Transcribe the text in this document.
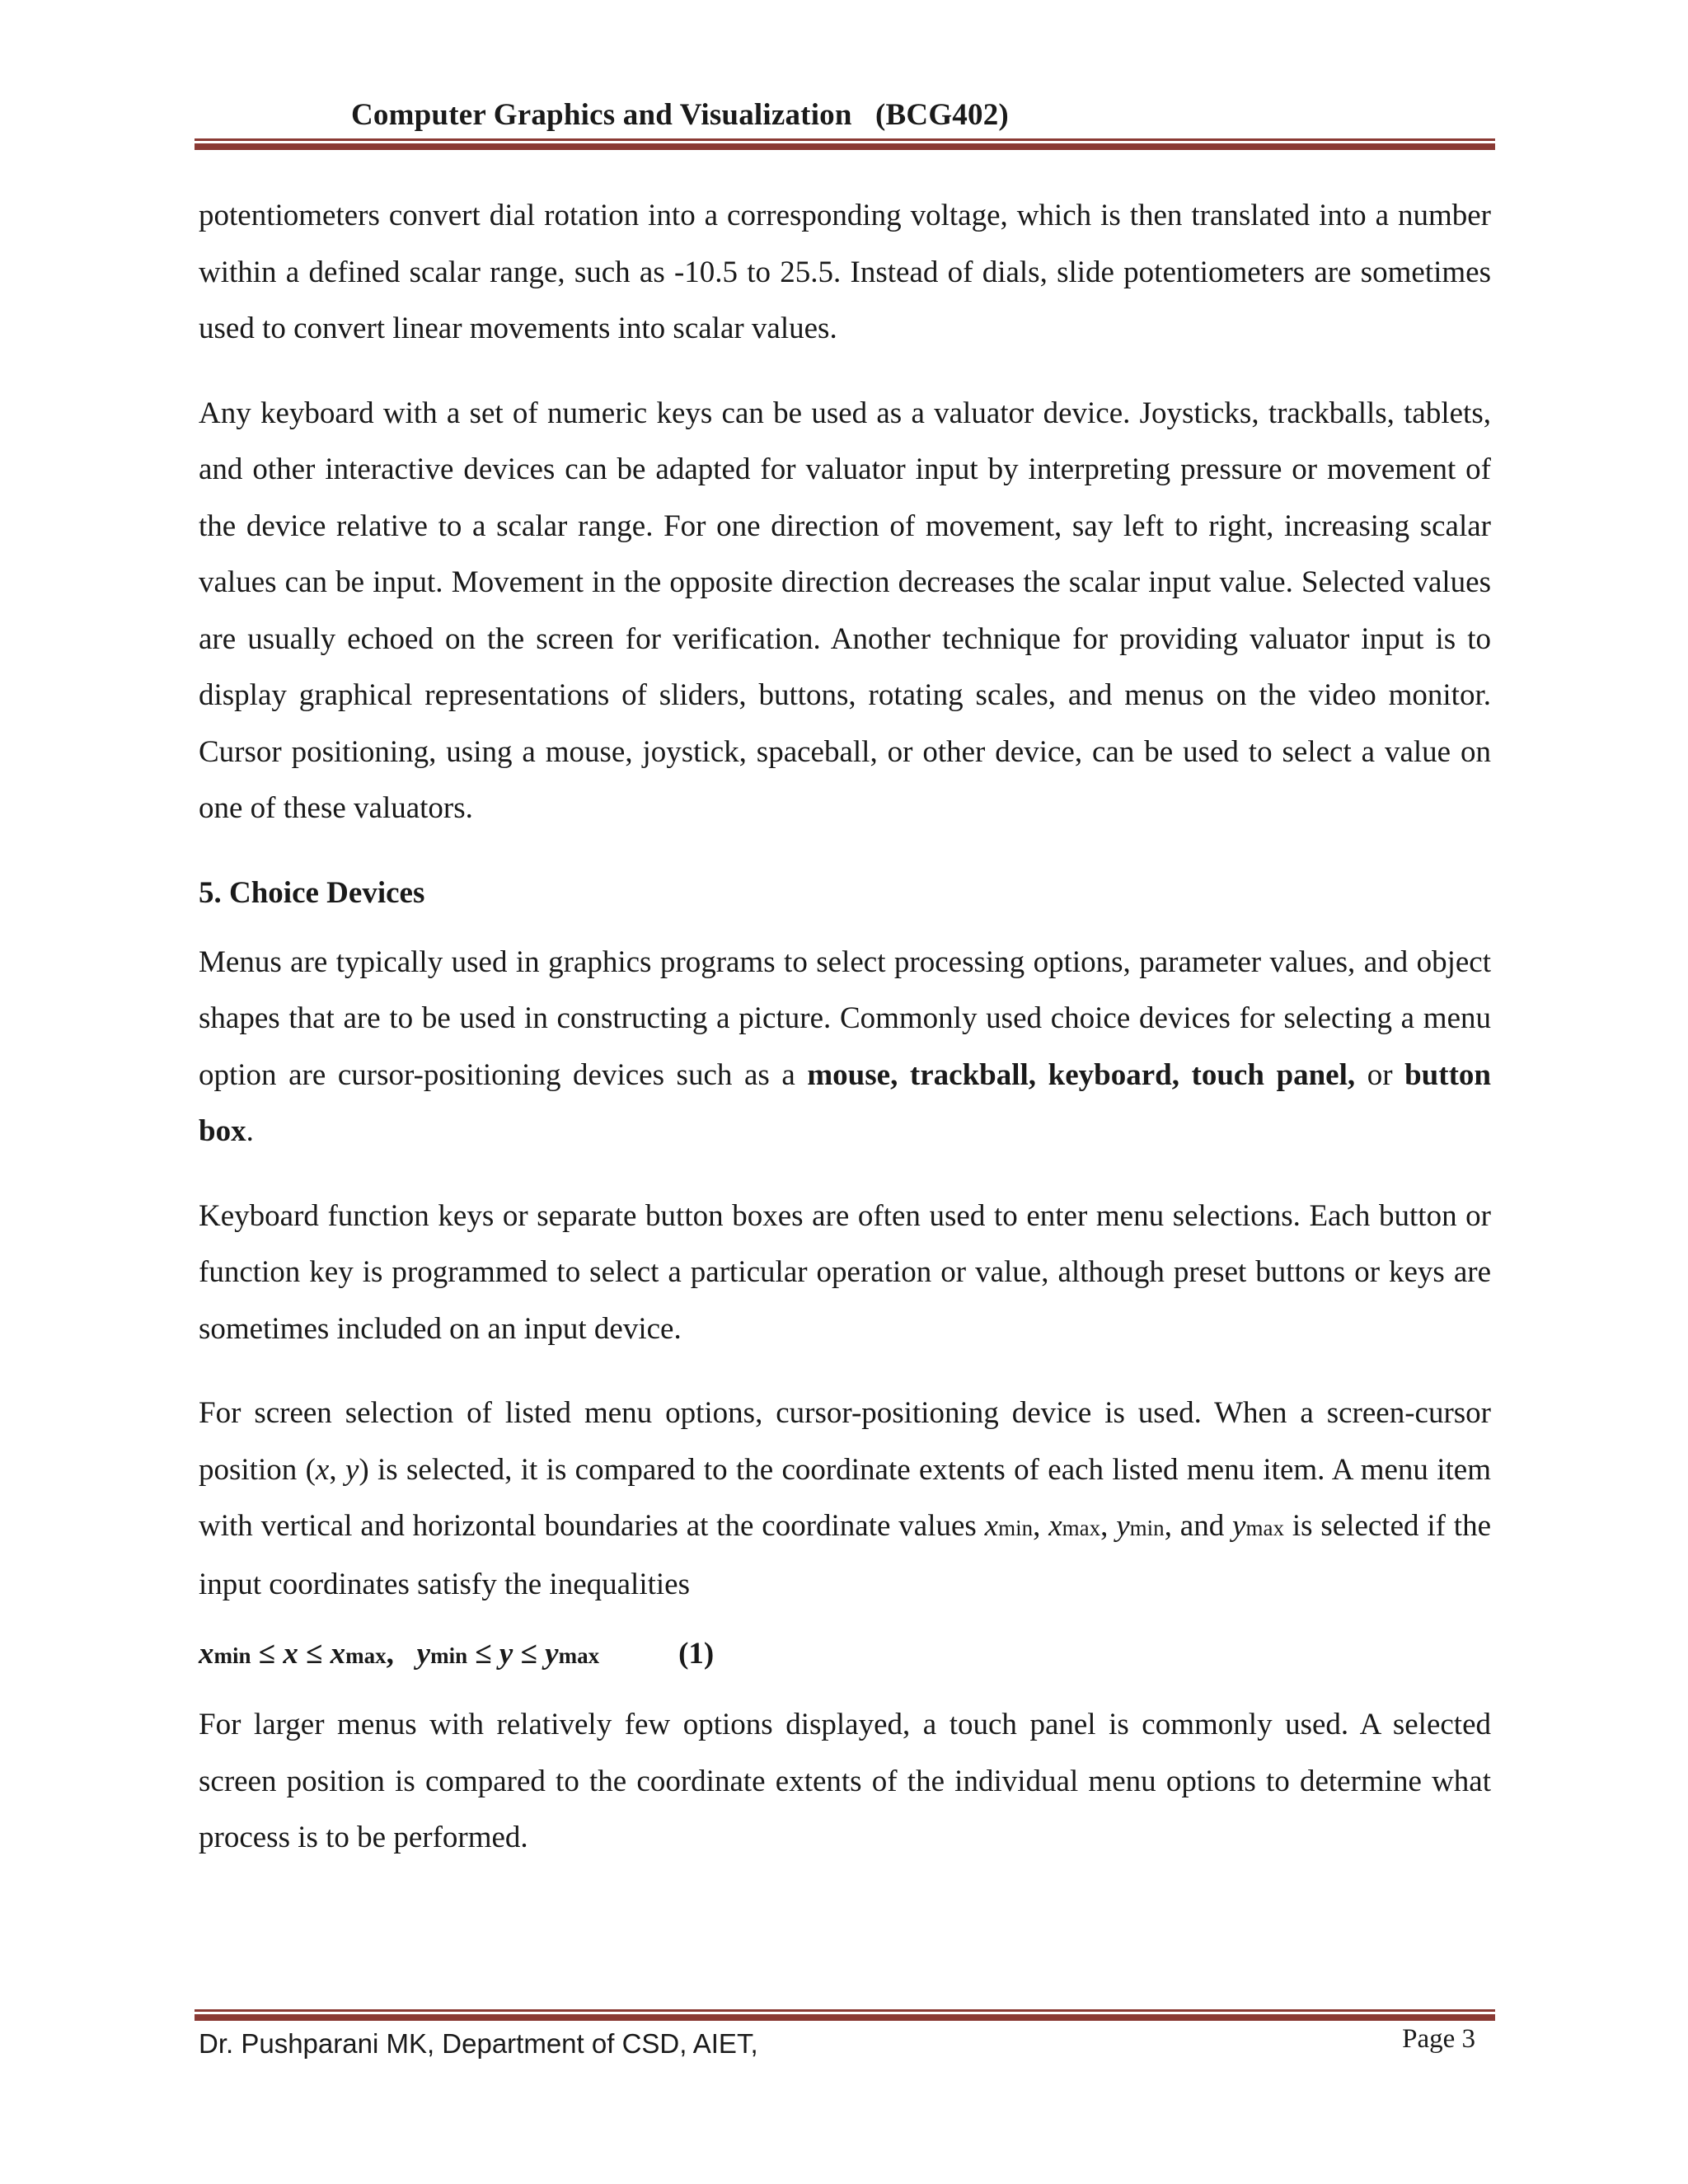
Computer Graphics and Visualization   (BCG402)

potentiometers convert dial rotation into a corresponding voltage, which is then translated into a number within a defined scalar range, such as -10.5 to 25.5. Instead of dials, slide potentiometers are sometimes used to convert linear movements into scalar values.

Any keyboard with a set of numeric keys can be used as a valuator device. Joysticks, trackballs, tablets, and other interactive devices can be adapted for valuator input by interpreting pressure or movement of the device relative to a scalar range. For one direction of movement, say left to right, increasing scalar values can be input. Movement in the opposite direction decreases the scalar input value. Selected values are usually echoed on the screen for verification. Another technique for providing valuator input is to display graphical representations of sliders, buttons, rotating scales, and menus on the video monitor. Cursor positioning, using a mouse, joystick, spaceball, or other device, can be used to select a value on one of these valuators.

5. Choice Devices

Menus are typically used in graphics programs to select processing options, parameter values, and object shapes that are to be used in constructing a picture. Commonly used choice devices for selecting a menu option are cursor-positioning devices such as a mouse, trackball, keyboard, touch panel, or button box.

Keyboard function keys or separate button boxes are often used to enter menu selections. Each button or function key is programmed to select a particular operation or value, although preset buttons or keys are sometimes included on an input device.

For screen selection of listed menu options, cursor-positioning device is used. When a screen-cursor position (x, y) is selected, it is compared to the coordinate extents of each listed menu item. A menu item with vertical and horizontal boundaries at the coordinate values xmin, xmax, ymin, and ymax is selected if the input coordinates satisfy the inequalities

xmin ≤ x ≤ xmax,   ymin ≤ y ≤ ymax	(1)

For larger menus with relatively few options displayed, a touch panel is commonly used. A selected screen position is compared to the coordinate extents of the individual menu options to determine what process is to be performed.

Dr. Pushparani MK, Department of CSD, AIET,	Page 3
